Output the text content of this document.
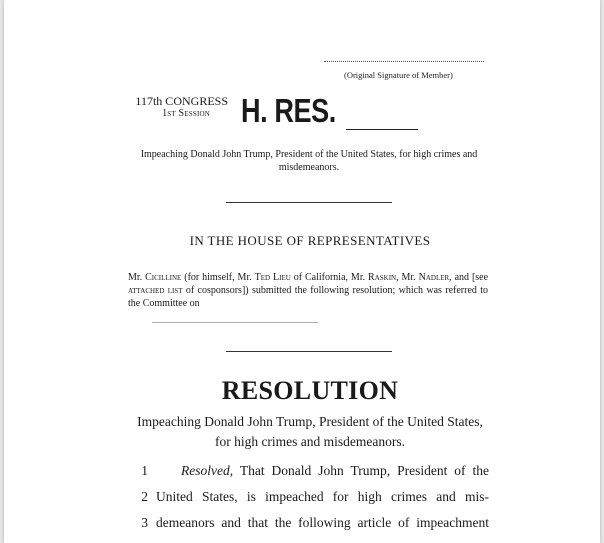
(Original Signature of Member)
117th CONGRESS
1st Session H. RES.
Impeaching Donald John Trump, President of the United States, for high crimes and misdemeanors.
IN THE HOUSE OF REPRESENTATIVES
Mr. Cicilline (for himself, Mr. Ted Lieu of California, Mr. Raskin, Mr. Nadler, and [see attached list of cosponsors]) submitted the following resolution; which was referred to the Committee on
RESOLUTION
Impeaching Donald John Trump, President of the United States, for high crimes and misdemeanors.
1 Resolved, That Donald John Trump, President of the
2 United States, is impeached for high crimes and mis-
3 demeanors and that the following article of impeachment
